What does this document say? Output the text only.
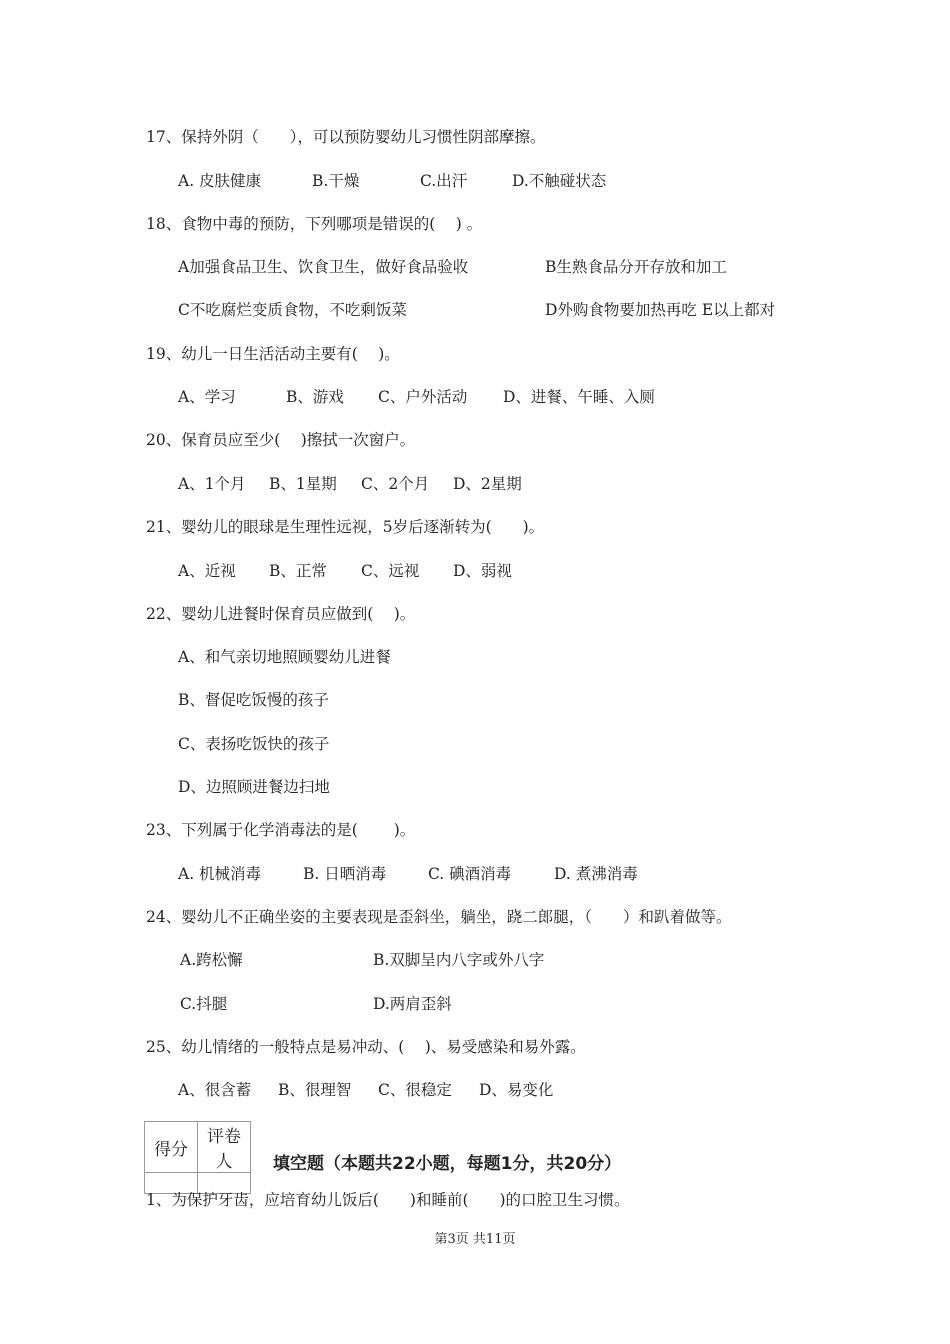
17、保持外阴（　　），可以预防婴幼儿习惯性阴部摩擦。
A. 皮肤健康	B.干燥	C.出汗	D.不触碰状态
18、食物中毒的预防，下列哪项是错误的(　 ) 。
A加强食品卫生、饮食卫生，做好食品验收	B生熟食品分开存放和加工
C不吃腐烂变质食物，不吃剩饭菜	D外购食物要加热再吃 E以上都对
19、幼儿一日生活活动主要有(　 )。
A、学习	B、游戏 C、户外活动 D、进餐、午睡、入厕
20、保育员应至少(　 )擦拭一次窗户。
A、1个月 B、1星期 C、2个月 D、2星期
21、婴幼儿的眼球是生理性远视，5岁后逐渐转为(　　)。
A、近视 B、正常 C、远视 D、弱视
22、婴幼儿进餐时保育员应做到(　 )。
A、和气亲切地照顾婴幼儿进餐
B、督促吃饭慢的孩子
C、表扬吃饭快的孩子
D、边照顾进餐边扫地
23、下列属于化学消毒法的是(　　 )。
A. 机械消毒	B. 日晒消毒	C. 碘酒消毒	D. 煮沸消毒
24、婴幼儿不正确坐姿的主要表现是歪斜坐，躺坐，跷二郎腿，（　　）和趴着做等。
A.跨松懈	B.双脚呈内八字或外八字
C.抖腿	D.两肩歪斜
25、幼儿情绪的一般特点是易冲动、(　 )、易受感染和易外露。
A、很含蓄 B、很理智 C、很稳定 D、易变化
得分	评卷人
	填空题（本题共22小题，每题1分，共20分）
1、为保护牙齿，应培育幼儿饭后(　　)和睡前(　　)的口腔卫生习惯。
第3页 共11页
